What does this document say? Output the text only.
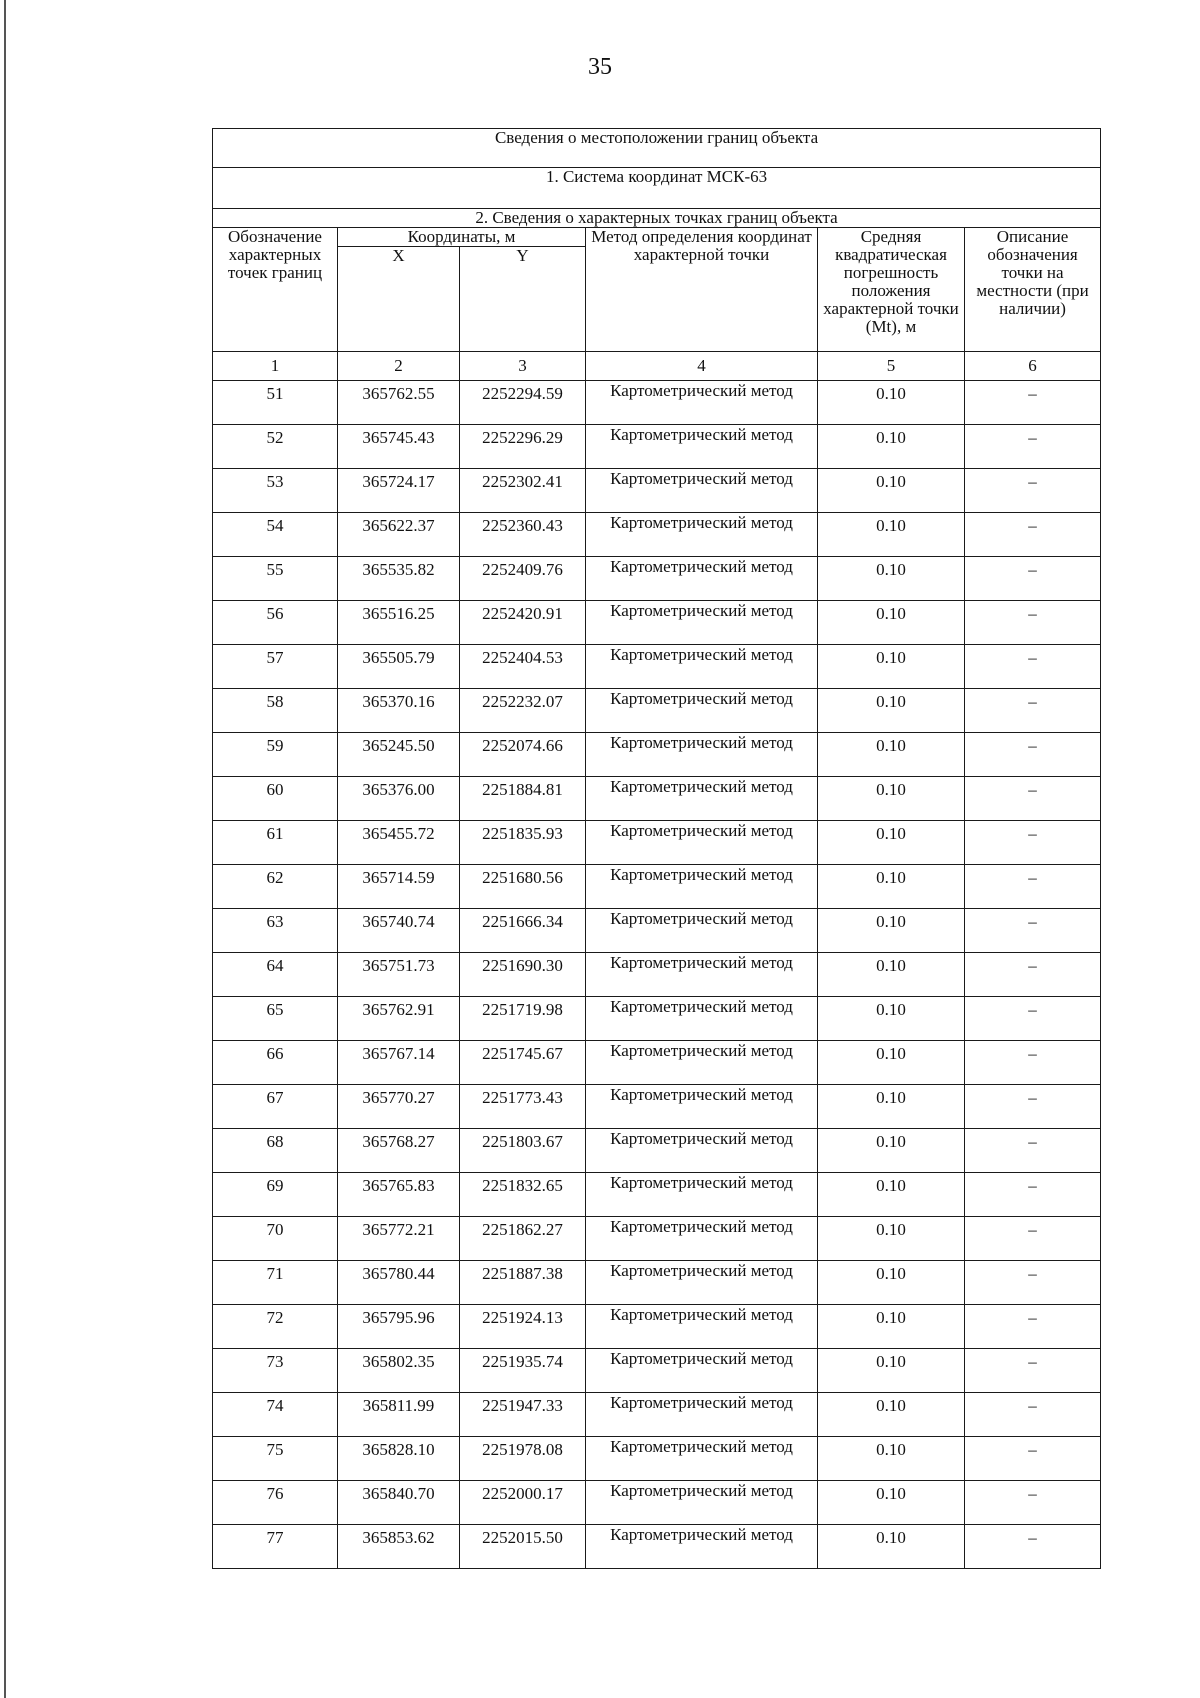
35
Сведения о местоположении границ объекта					
1. Система координат МСК-63					
2. Сведения о характерных точках границ объекта					
Обозначение характерных точек границ	Координаты, м		Метод определения координат характерной точки	Средняя квадратическая погрешность положения характерной точки (Мt), м	Описание обозначения точки на местности (при наличии)
	X	Y			
1	2	3	4	5	6
51	365762.55	2252294.59	Картометрический метод	0.10	–
52	365745.43	2252296.29	Картометрический метод	0.10	–
53	365724.17	2252302.41	Картометрический метод	0.10	–
54	365622.37	2252360.43	Картометрический метод	0.10	–
55	365535.82	2252409.76	Картометрический метод	0.10	–
56	365516.25	2252420.91	Картометрический метод	0.10	–
57	365505.79	2252404.53	Картометрический метод	0.10	–
58	365370.16	2252232.07	Картометрический метод	0.10	–
59	365245.50	2252074.66	Картометрический метод	0.10	–
60	365376.00	2251884.81	Картометрический метод	0.10	–
61	365455.72	2251835.93	Картометрический метод	0.10	–
62	365714.59	2251680.56	Картометрический метод	0.10	–
63	365740.74	2251666.34	Картометрический метод	0.10	–
64	365751.73	2251690.30	Картометрический метод	0.10	–
65	365762.91	2251719.98	Картометрический метод	0.10	–
66	365767.14	2251745.67	Картометрический метод	0.10	–
67	365770.27	2251773.43	Картометрический метод	0.10	–
68	365768.27	2251803.67	Картометрический метод	0.10	–
69	365765.83	2251832.65	Картометрический метод	0.10	–
70	365772.21	2251862.27	Картометрический метод	0.10	–
71	365780.44	2251887.38	Картометрический метод	0.10	–
72	365795.96	2251924.13	Картометрический метод	0.10	–
73	365802.35	2251935.74	Картометрический метод	0.10	–
74	365811.99	2251947.33	Картометрический метод	0.10	–
75	365828.10	2251978.08	Картометрический метод	0.10	–
76	365840.70	2252000.17	Картометрический метод	0.10	–
77	365853.62	2252015.50	Картометрический метод	0.10	–
